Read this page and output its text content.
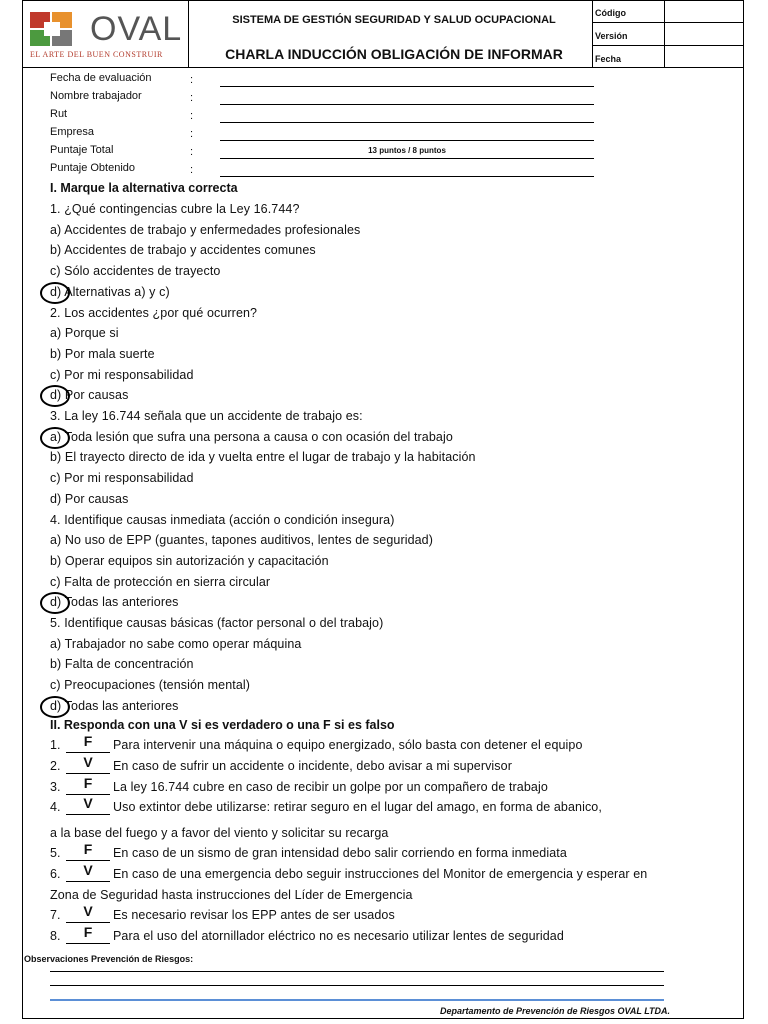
OVAL
EL ARTE DEL BUEN CONSTRUIR
SISTEMA DE GESTIÓN SEGURIDAD Y SALUD OCUPACIONAL
CHARLA INDUCCIÓN OBLIGACIÓN DE INFORMAR
Código
Versión
Fecha
Fecha de evaluación	:
Nombre trabajador	:
Rut	:
Empresa	:
Puntaje Total	:	13 puntos / 8 puntos
Puntaje Obtenido	:
I. Marque la alternativa correcta
1. ¿Qué contingencias cubre la Ley 16.744?
a) Accidentes de trabajo y enfermedades profesionales
b) Accidentes de trabajo y accidentes comunes
c) Sólo accidentes de trayecto
d) Alternativas a) y c)
2. Los accidentes ¿por qué ocurren?
a) Porque si
b) Por mala suerte
c) Por mi responsabilidad
d) Por causas
3. La ley 16.744 señala que un accidente de trabajo es:
a) Toda lesión que sufra una persona a causa o con ocasión del trabajo
b) El trayecto directo de ida y vuelta entre el lugar de trabajo y la habitación
c) Por mi responsabilidad
d) Por causas
4. Identifique causas inmediata (acción o condición insegura)
a) No uso de EPP (guantes, tapones auditivos, lentes de seguridad)
b) Operar equipos sin autorización y capacitación
c) Falta de protección en sierra circular
d) Todas las anteriores
5. Identifique causas básicas (factor personal o del trabajo)
a) Trabajador no sabe como operar máquina
b) Falta de concentración
c) Preocupaciones (tensión mental)
d) Todas las anteriores
II. Responda con una V si es verdadero o una F si es falso
1.	F	Para intervenir una máquina o equipo energizado, sólo basta con detener el equipo
2.	V	En caso de sufrir un accidente o incidente, debo avisar a mi supervisor
3.	F	La ley 16.744 cubre en caso de recibir un golpe por un compañero de trabajo
4.	V	Uso extintor debe utilizarse: retirar seguro en el lugar del amago, en forma de abanico,
a la base del fuego y a favor del viento y solicitar su recarga
5.	F	En caso de un sismo de gran intensidad debo salir corriendo en forma inmediata
6.	V	En caso de una emergencia debo seguir instrucciones del Monitor de emergencia y esperar en
Zona de Seguridad hasta instrucciones del Líder de Emergencia
7.	V	Es necesario revisar los EPP antes de ser usados
8.	F	Para el uso del atornillador eléctrico no es necesario utilizar lentes de seguridad
Observaciones Prevención de Riesgos:
Departamento de Prevención de Riesgos OVAL LTDA.
